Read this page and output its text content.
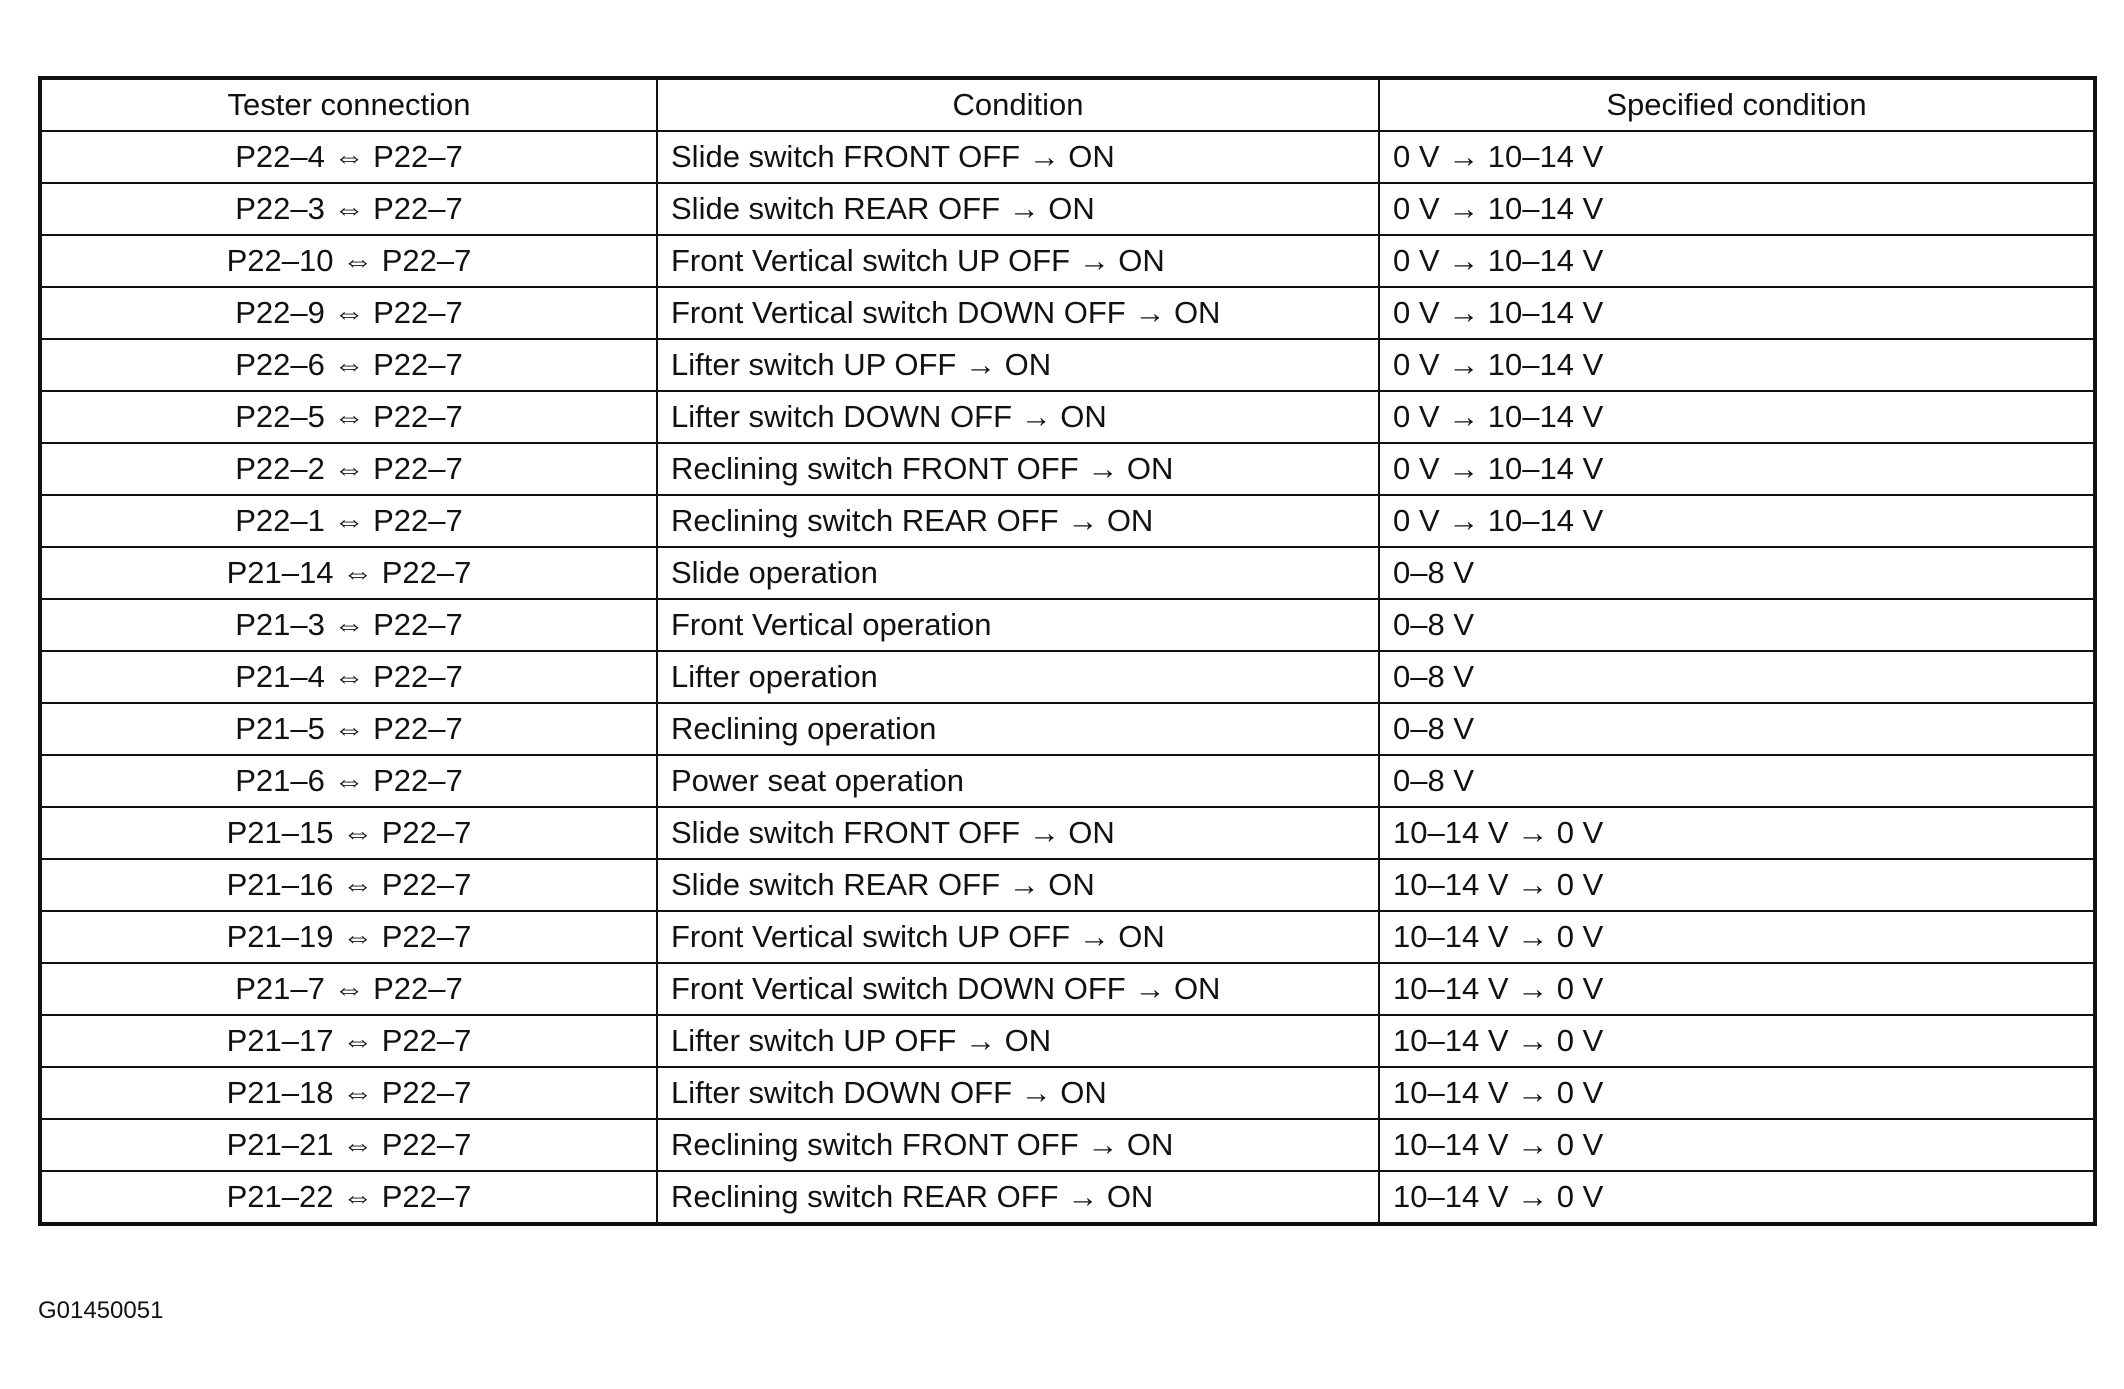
Tester connection	Condition	Specified condition
P22–4 ⇔ P22–7	Slide switch FRONT OFF → ON	0 V → 10–14 V
P22–3 ⇔ P22–7	Slide switch REAR OFF → ON	0 V → 10–14 V
P22–10 ⇔ P22–7	Front Vertical switch UP OFF → ON	0 V → 10–14 V
P22–9 ⇔ P22–7	Front Vertical switch DOWN OFF → ON	0 V → 10–14 V
P22–6 ⇔ P22–7	Lifter switch UP OFF → ON	0 V → 10–14 V
P22–5 ⇔ P22–7	Lifter switch DOWN OFF → ON	0 V → 10–14 V
P22–2 ⇔ P22–7	Reclining switch FRONT OFF → ON	0 V → 10–14 V
P22–1 ⇔ P22–7	Reclining switch REAR OFF → ON	0 V → 10–14 V
P21–14 ⇔ P22–7	Slide operation	0–8 V
P21–3 ⇔ P22–7	Front Vertical operation	0–8 V
P21–4 ⇔ P22–7	Lifter operation	0–8 V
P21–5 ⇔ P22–7	Reclining operation	0–8 V
P21–6 ⇔ P22–7	Power seat operation	0–8 V
P21–15 ⇔ P22–7	Slide switch FRONT OFF → ON	10–14 V → 0 V
P21–16 ⇔ P22–7	Slide switch REAR OFF → ON	10–14 V → 0 V
P21–19 ⇔ P22–7	Front Vertical switch UP OFF → ON	10–14 V → 0 V
P21–7 ⇔ P22–7	Front Vertical switch DOWN OFF → ON	10–14 V → 0 V
P21–17 ⇔ P22–7	Lifter switch UP OFF → ON	10–14 V → 0 V
P21–18 ⇔ P22–7	Lifter switch DOWN OFF → ON	10–14 V → 0 V
P21–21 ⇔ P22–7	Reclining switch FRONT OFF → ON	10–14 V → 0 V
P21–22 ⇔ P22–7	Reclining switch REAR OFF → ON	10–14 V → 0 V
G01450051
